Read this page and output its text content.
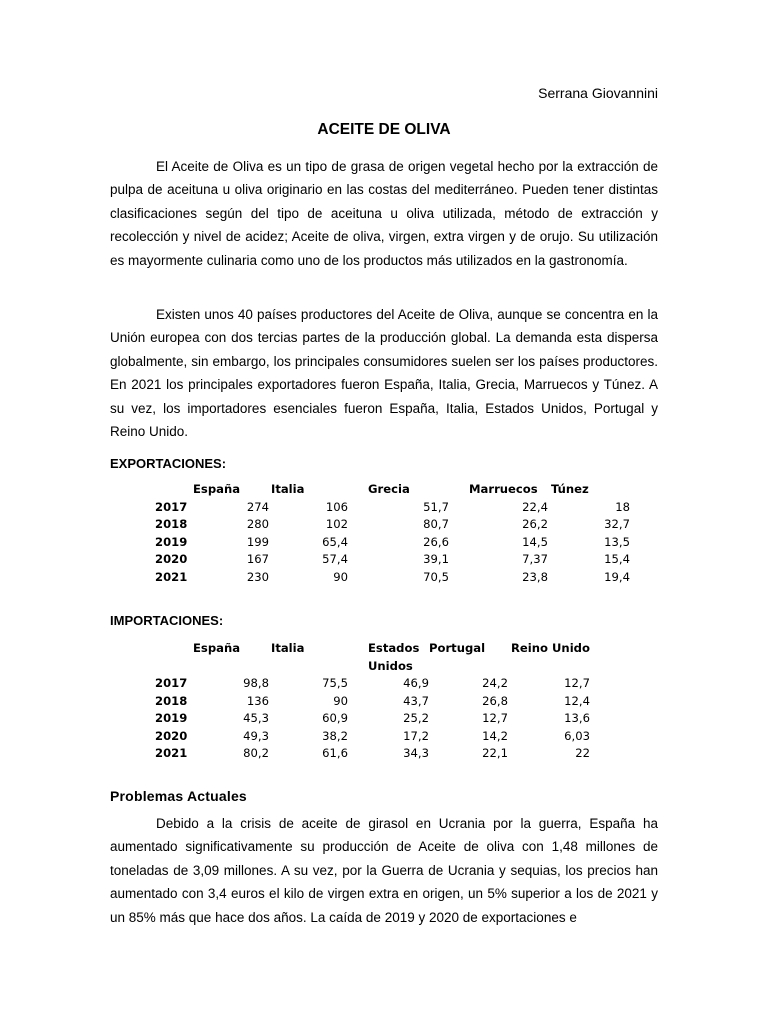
Serrana Giovannini
ACEITE DE OLIVA

El Aceite de Oliva es un tipo de grasa de origen vegetal hecho por la extracción de pulpa de aceituna u oliva originario en las costas del mediterráneo. Pueden tener distintas clasificaciones según del tipo de aceituna u oliva utilizada, método de extracción y recolección y nivel de acidez; Aceite de oliva, virgen, extra virgen y de orujo. Su utilización es mayormente culinaria como uno de los productos más utilizados en la gastronomía.

Existen unos 40 países productores del Aceite de Oliva, aunque se concentra en la Unión europea con dos tercias partes de la producción global. La demanda esta dispersa globalmente, sin embargo, los principales consumidores suelen ser los países productores. En 2021 los principales exportadores fueron España, Italia, Grecia, Marruecos y Túnez. A su vez, los importadores esenciales fueron España, Italia, Estados Unidos, Portugal y Reino Unido.

EXPORTACIONES:
	España	Italia	Grecia	Marruecos	Túnez
2017	274	106	51,7	22,4	18
2018	280	102	80,7	26,2	32,7
2019	199	65,4	26,6	14,5	13,5
2020	167	57,4	39,1	7,37	15,4
2021	230	90	70,5	23,8	19,4
IMPORTACIONES:
	España	Italia	Estados Unidos	Portugal	Reino Unido
2017	98,8	75,5	46,9	24,2	12,7
2018	136	90	43,7	26,8	12,4
2019	45,3	60,9	25,2	12,7	13,6
2020	49,3	38,2	17,2	14,2	6,03
2021	80,2	61,6	34,3	22,1	22
Problemas Actuales

Debido a la crisis de aceite de girasol en Ucrania por la guerra, España ha aumentado significativamente su producción de Aceite de oliva con 1,48 millones de toneladas de 3,09 millones. A su vez, por la Guerra de Ucrania y sequias, los precios han aumentado con 3,4 euros el kilo de virgen extra en origen, un 5% superior a los de 2021 y un 85% más que hace dos años. La caída de 2019 y 2020 de exportaciones e
